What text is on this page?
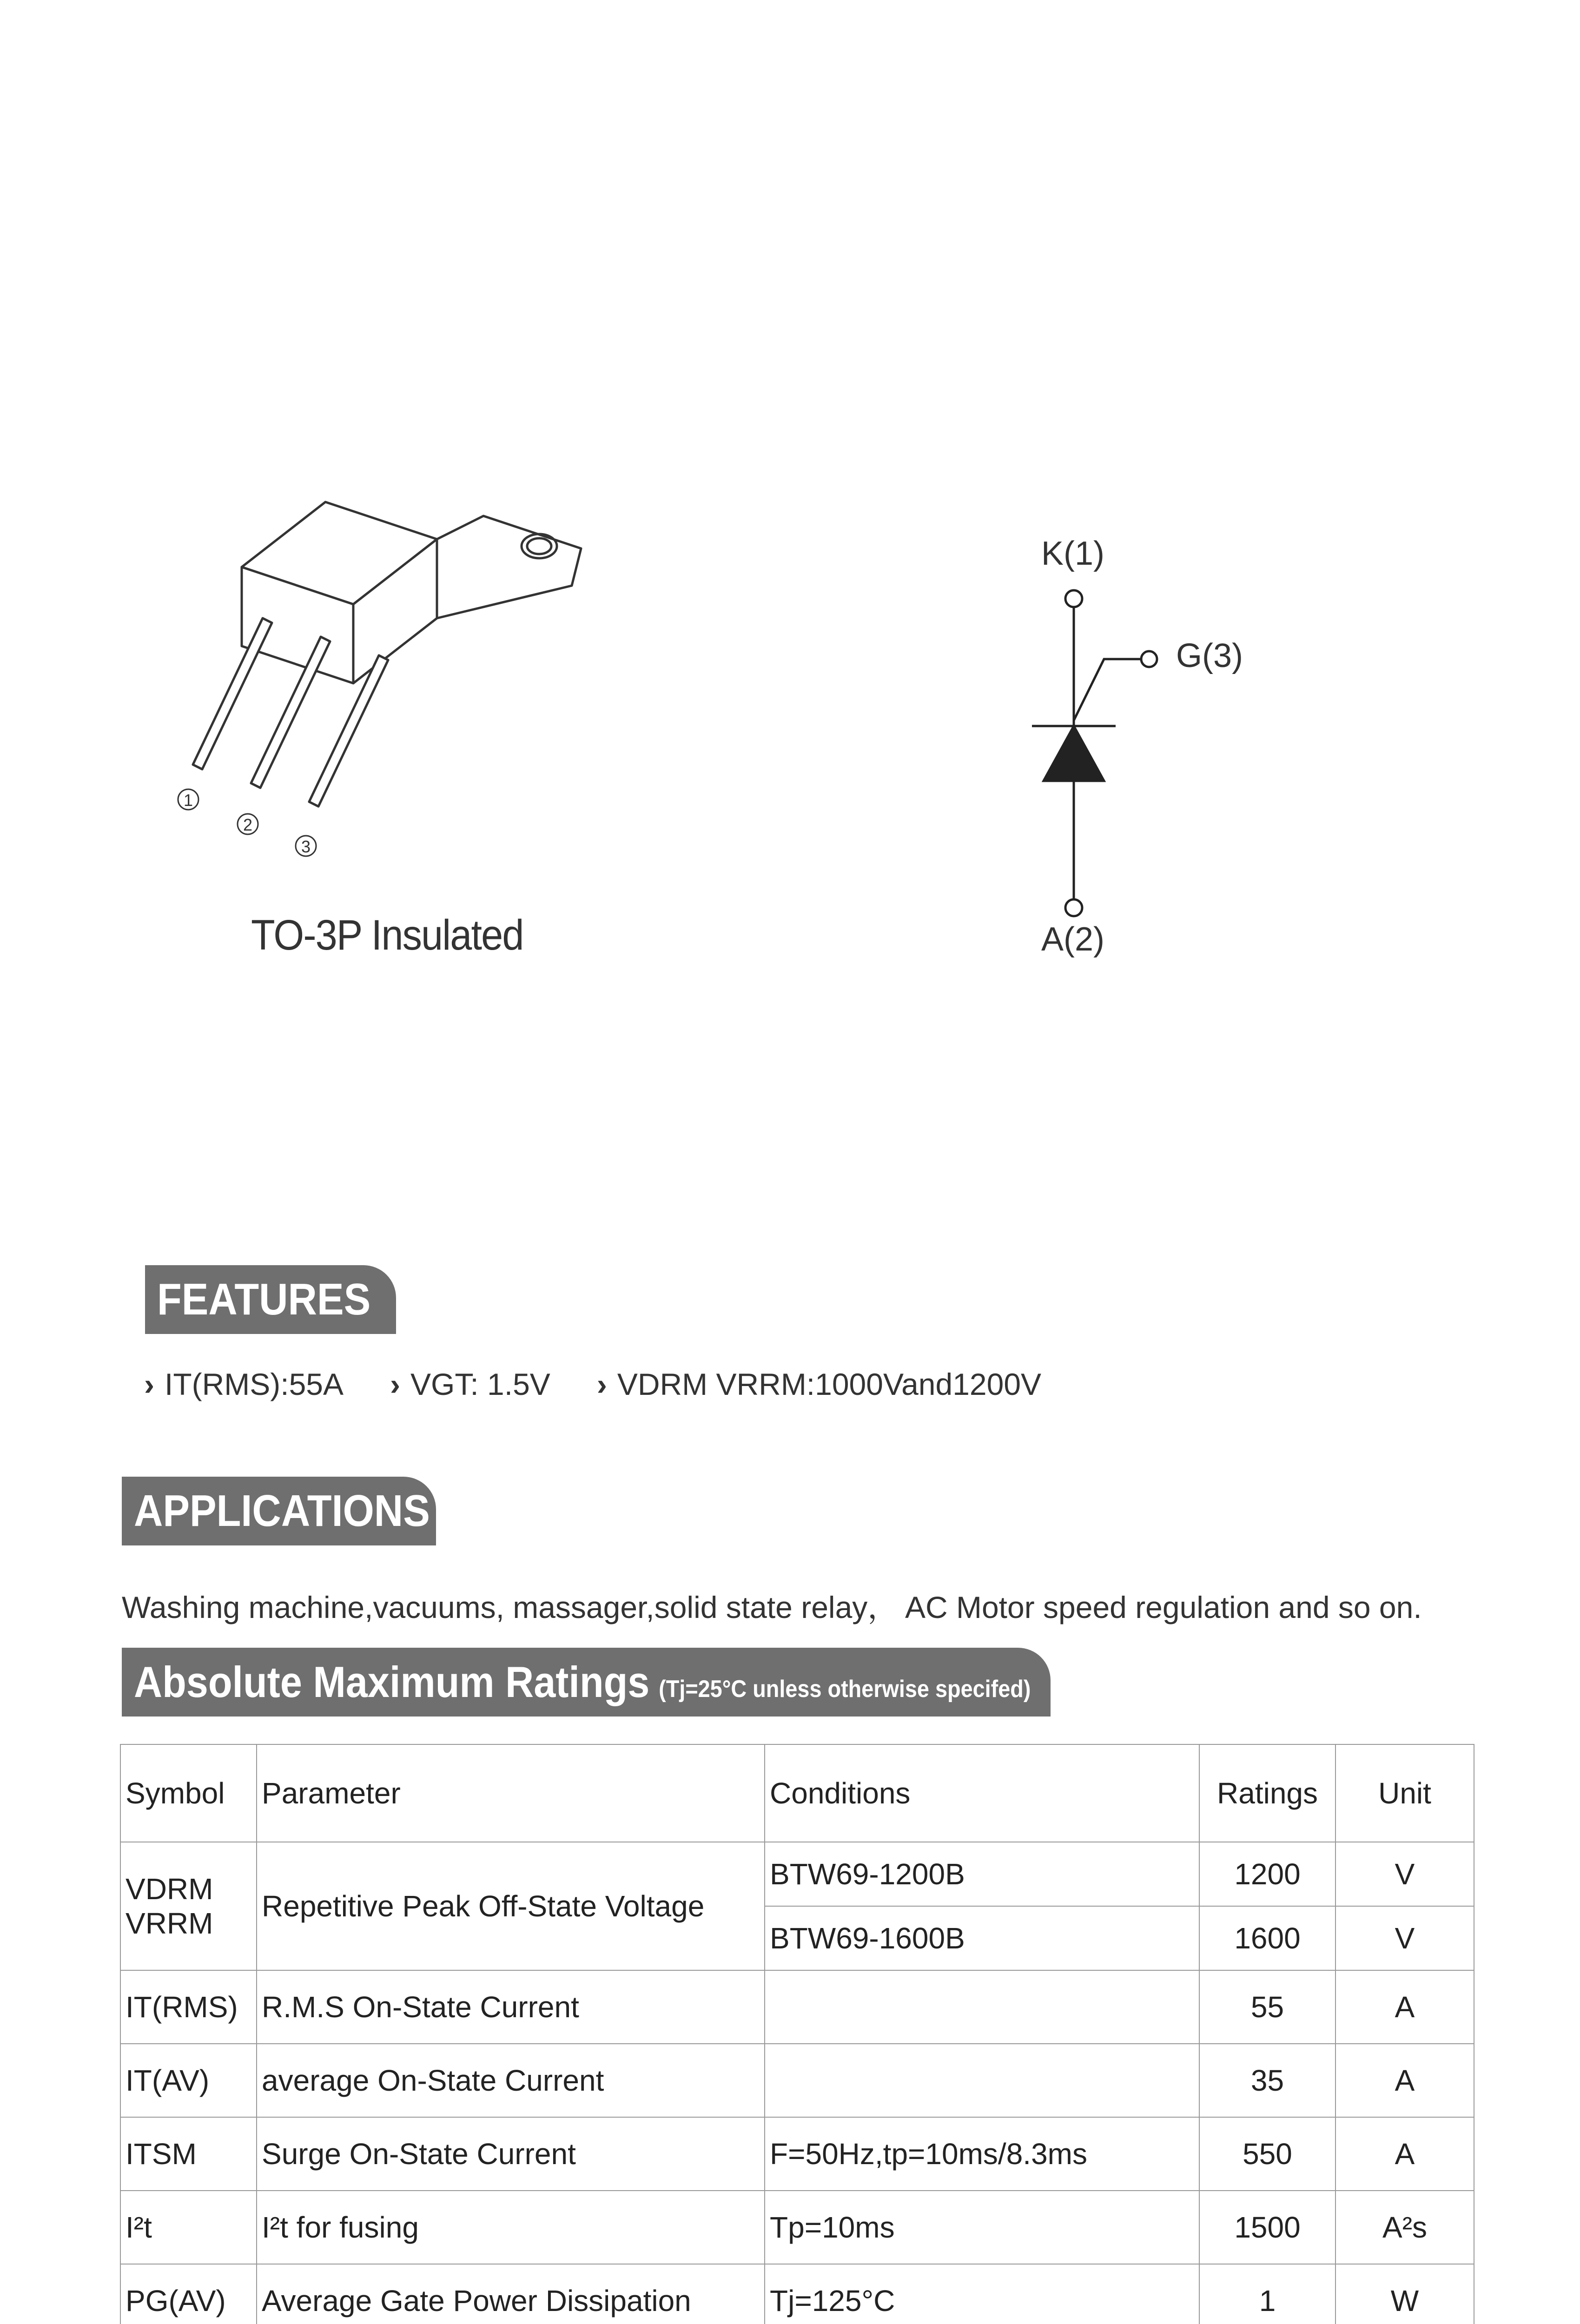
1
2
3
TO-3P Insulated
K(1)
G(3)
A(2)
FEATURES
› IT(RMS):55A › VGT: 1.5V › VDRM VRRM:1000Vand1200V
APPLICATIONS
Washing machine,vacuums, massager,solid state relay， AC Motor speed regulation and so on.
Absolute Maximum Ratings (Tj=25°C unless otherwise specifed)
Symbol	Parameter	Conditions	Ratings	Unit
VDRM
VRRM	Repetitive Peak Off-State Voltage	BTW69-1200B	1200	V
		BTW69-1600B	1600	V
IT(RMS)	R.M.S On-State Current		55	A
IT(AV)	average On-State Current		35	A
ITSM	Surge On-State Current	F=50Hz,tp=10ms/8.3ms	550	A
I²t	I²t for fusing	Tp=10ms	1500	A²s
PG(AV)	Average Gate Power Dissipation	Tj=125°C	1	W
